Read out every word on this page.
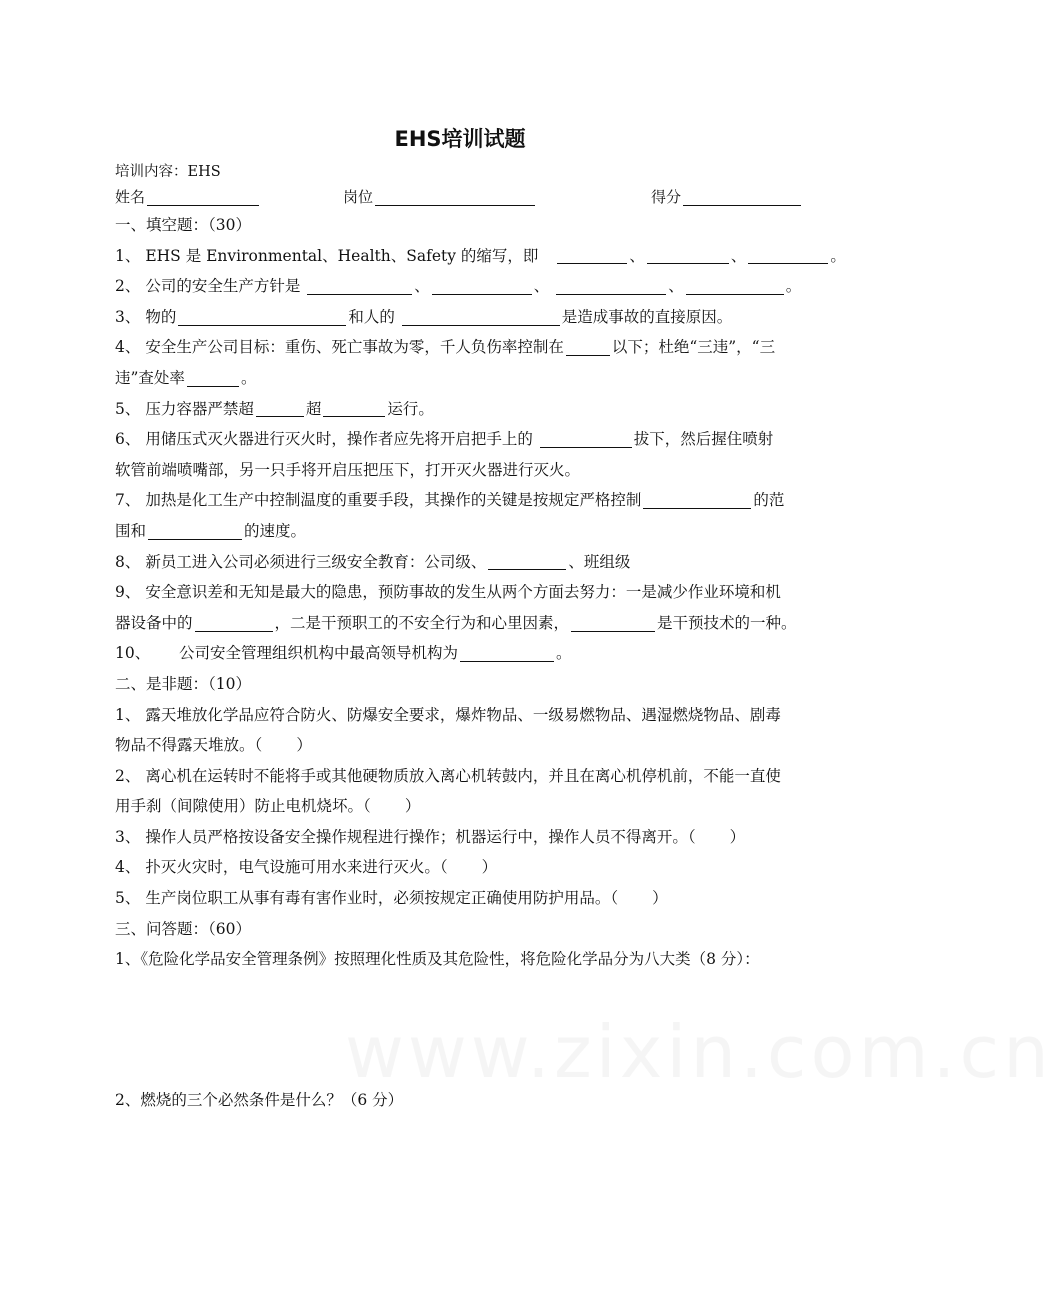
www.zixin.com.cn
EHS培训试题
培训内容：EHS
姓名	岗位	得分
一、填空题：（30）
1、 EHS 是 Environmental、Health、Safety 的缩写，即	、	、	。
2、 公司的安全生产方针是	、	、	、	。
3、 物的	和人的	是造成事故的直接原因。
4、 安全生产公司目标：重伤、死亡事故为零，千人负伤率控制在	以下；杜绝“三违”，“三
违”查处率	。
5、 压力容器严禁超	超	运行。
6、 用储压式灭火器进行灭火时，操作者应先将开启把手上的	拔下，然后握住喷射
软管前端喷嘴部，另一只手将开启压把压下，打开灭火器进行灭火。
7、 加热是化工生产中控制温度的重要手段，其操作的关键是按规定严格控制	的范
围和	的速度。
8、 新员工进入公司必须进行三级安全教育：公司级、	、班组级
9、 安全意识差和无知是最大的隐患，预防事故的发生从两个方面去努力：一是减少作业环境和机
器设备中的	，二是干预职工的不安全行为和心里因素，	是干预技术的一种。
10、 公司安全管理组织机构中最高领导机构为	。
二、是非题：（10）
1、 露天堆放化学品应符合防火、防爆安全要求，爆炸物品、一级易燃物品、遇湿燃烧物品、剧毒
物品不得露天堆放。（ ）
2、 离心机在运转时不能将手或其他硬物质放入离心机转鼓内，并且在离心机停机前，不能一直使
用手刹（间隙使用）防止电机烧坏。（ ）
3、 操作人员严格按设备安全操作规程进行操作；机器运行中，操作人员不得离开。（ ）
4、 扑灭火灾时，电气设施可用水来进行灭火。（ ）
5、 生产岗位职工从事有毒有害作业时，必须按规定正确使用防护用品。（ ）
三、问答题：（60）
1、《危险化学品安全管理条例》按照理化性质及其危险性，将危险化学品分为八大类（8 分）：
2、燃烧的三个必然条件是什么？（6 分）
